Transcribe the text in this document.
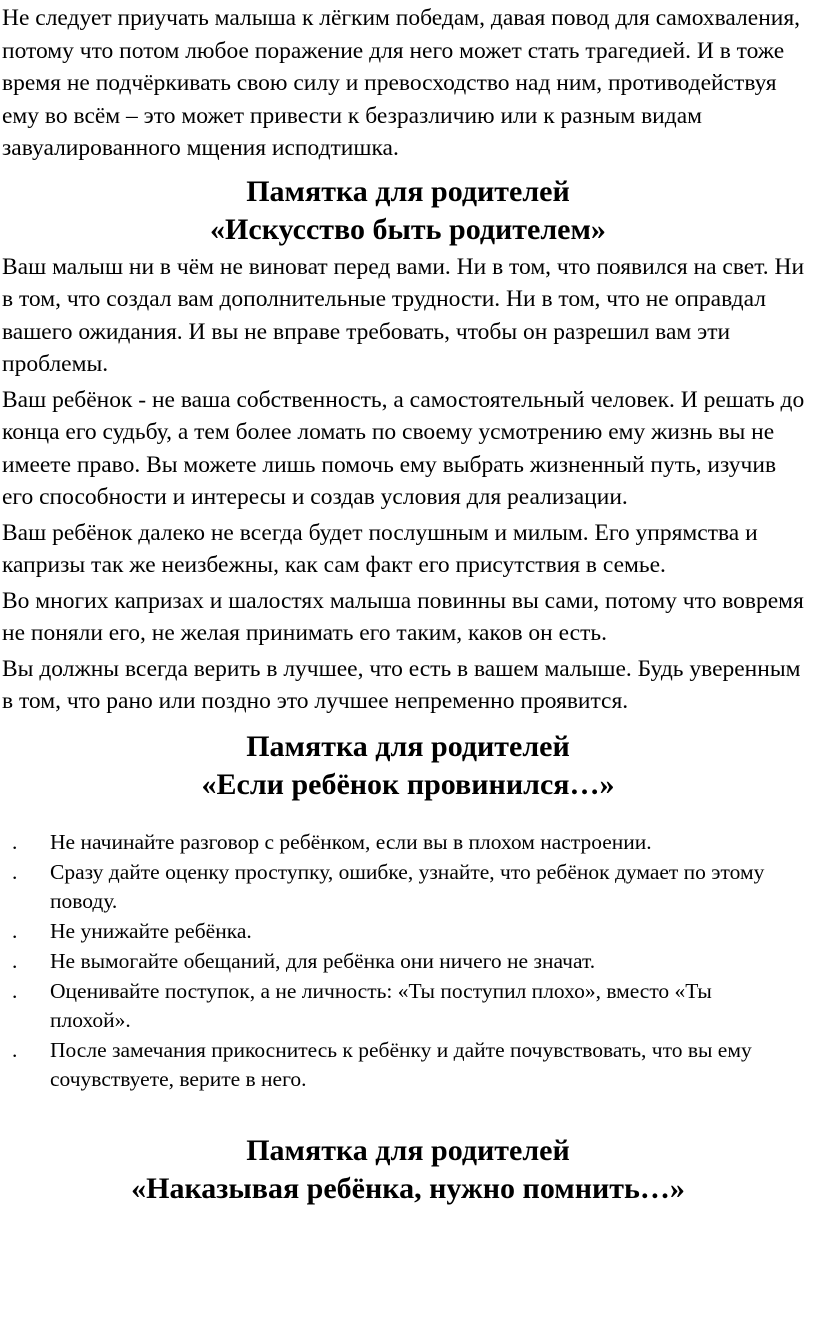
Не следует приучать малыша к лёгким победам, давая повод для самохваления, потому что потом любое поражение для него может стать трагедией. И в тоже время не подчёркивать свою силу и превосходство над ним, противодействуя ему во всём – это может привести к безразличию или к разным видам завуалированного мщения исподтишка.

Памятка для родителей
«Искусство быть родителем»

Ваш малыш ни в чём не виноват перед вами. Ни в том, что появился на свет. Ни в том, что создал вам дополнительные трудности. Ни в том, что не оправдал вашего ожидания. И вы не вправе требовать, чтобы он разрешил вам эти проблемы.

Ваш ребёнок - не ваша собственность, а самостоятельный человек. И решать до конца его судьбу, а тем более ломать по своему усмотрению ему жизнь вы не имеете право. Вы можете лишь помочь ему выбрать жизненный путь, изучив его способности и интересы и создав условия для реализации.

Ваш ребёнок далеко не всегда будет послушным и милым. Его упрямства и капризы так же неизбежны, как сам факт его присутствия в семье.

Во многих капризах и шалостях малыша повинны вы сами, потому что вовремя не поняли его, не желая принимать его таким, каков он есть.

Вы должны всегда верить в лучшее, что есть в вашем малыше. Будь уверенным в том, что рано или поздно это лучшее непременно проявится.

Памятка для родителей
«Если ребёнок провинился…»
. Не начинайте разговор с ребёнком, если вы в плохом настроении.
. Сразу дайте оценку проступку, ошибке, узнайте, что ребёнок думает по этому поводу.
. Не унижайте ребёнка.
. Не вымогайте обещаний, для ребёнка они ничего не значат.
. Оценивайте поступок, а не личность: «Ты поступил плохо», вместо «Ты плохой».
. После замечания прикоснитесь к ребёнку и дайте почувствовать, что вы ему сочувствуете, верите в него.
Памятка для родителей
«Наказывая ребёнка, нужно помнить…»
